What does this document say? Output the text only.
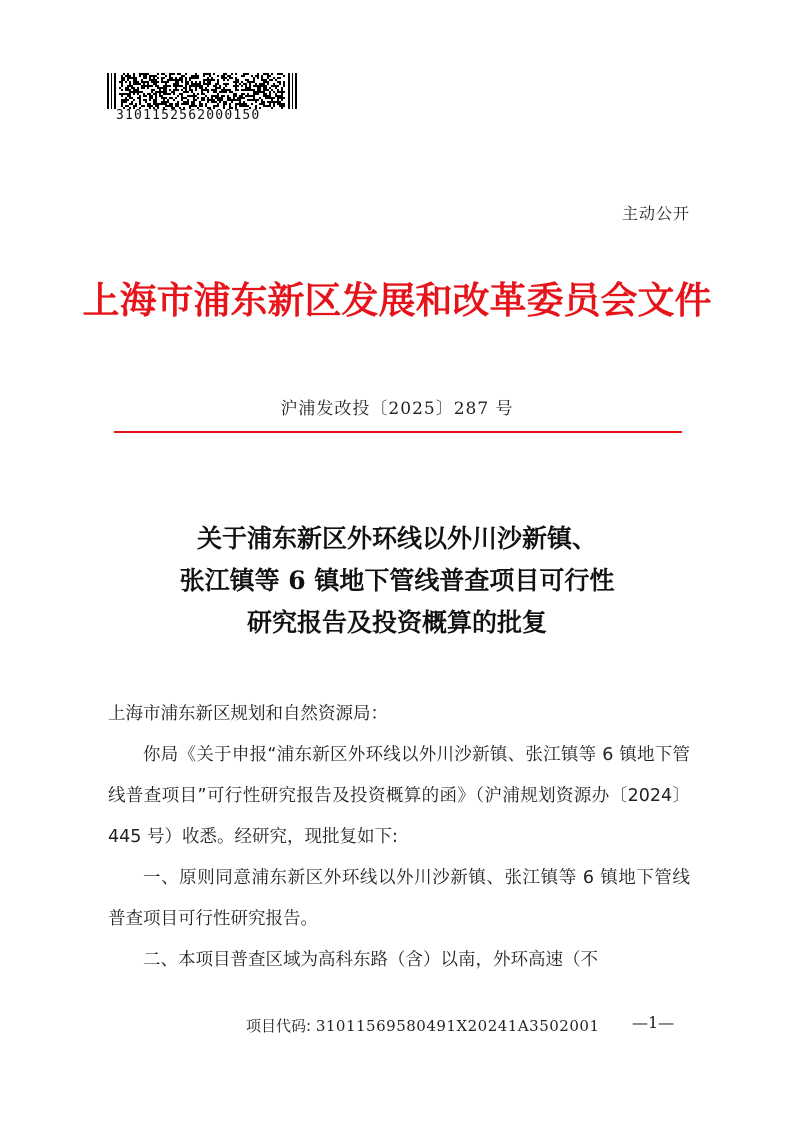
3101152562000150
主动公开
上海市浦东新区发展和改革委员会文件
沪浦发改投〔2025〕287 号
关于浦东新区外环线以外川沙新镇、
张江镇等 6 镇地下管线普查项目可行性
研究报告及投资概算的批复

上海市浦东新区规划和自然资源局：

你局《关于申报“浦东新区外环线以外川沙新镇、张江镇等 6 镇地下管线普查项目”可行性研究报告及投资概算的函》（沪浦规划资源办〔2024〕445 号）收悉。经研究，现批复如下:

一、原则同意浦东新区外环线以外川沙新镇、张江镇等 6 镇地下管线普查项目可行性研究报告。

二、本项目普查区域为高科东路（含）以南，外环高速（不

项目代码: 31011569580491X20241A3502001 —1—
